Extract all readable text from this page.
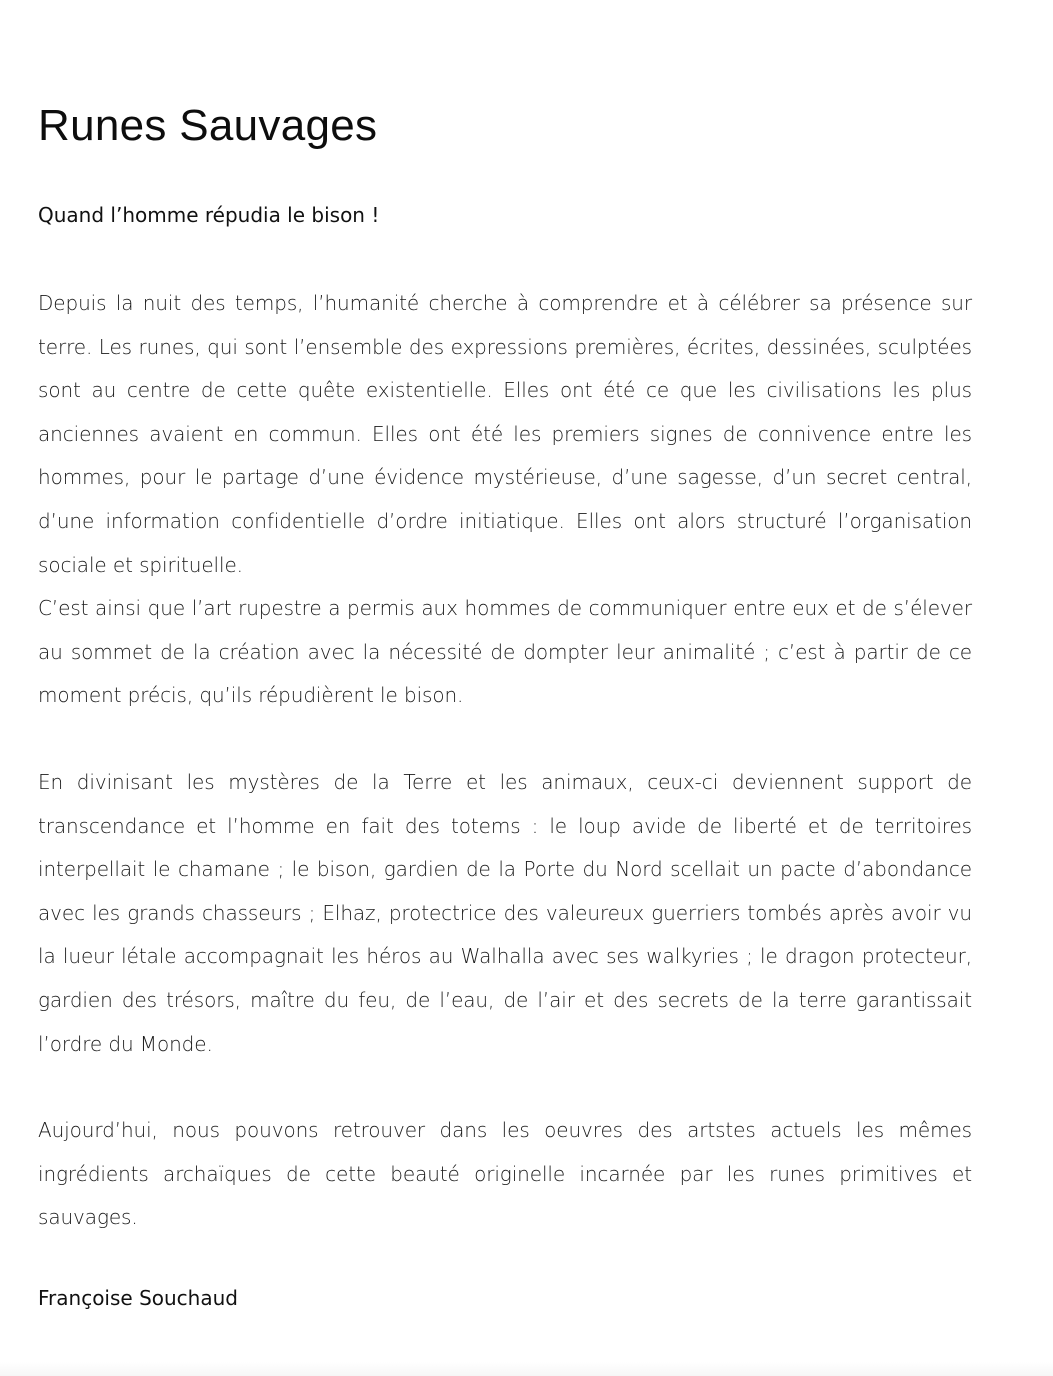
Runes Sauvages
Quand l’homme répudia le bison !

Depuis la nuit des temps, l’humanité cherche à comprendre et à célébrer sa présence sur terre. Les runes, qui sont l’ensemble des expressions premières, écrites, dessinées, sculptées sont au centre de cette quête existentielle. Elles ont été ce que les civilisations les plus anciennes avaient en commun. Elles ont été les premiers signes de connivence entre les hommes, pour le partage d’une évidence mystérieuse, d’une sagesse, d’un secret central, d’une information confidentielle d’ordre initiatique. Elles ont alors structuré l’organisation sociale et spirituelle.

C’est ainsi que l’art rupestre a permis aux hommes de communiquer entre eux et de s’élever au sommet de la création avec la nécessité de dompter leur animalité ; c’est à partir de ce moment précis, qu’ils répudièrent le bison.

En divinisant les mystères de la Terre et les animaux, ceux-ci deviennent support de transcendance et l’homme en fait des totems : le loup avide de liberté et de territoires interpellait le chamane ; le bison, gardien de la Porte du Nord scellait un pacte d’abondance avec les grands chasseurs ; Elhaz, protectrice des valeureux guerriers tombés après avoir vu la lueur létale accompagnait les héros au Walhalla avec ses walkyries ; le dragon protecteur, gardien des trésors, maître du feu, de l’eau, de l’air et des secrets de la terre garantissait l’ordre du Monde.

Aujourd’hui, nous pouvons retrouver dans les oeuvres des artstes actuels les mêmes ingrédients archaïques de cette beauté originelle incarnée par les runes primitives et sauvages.

Françoise Souchaud
